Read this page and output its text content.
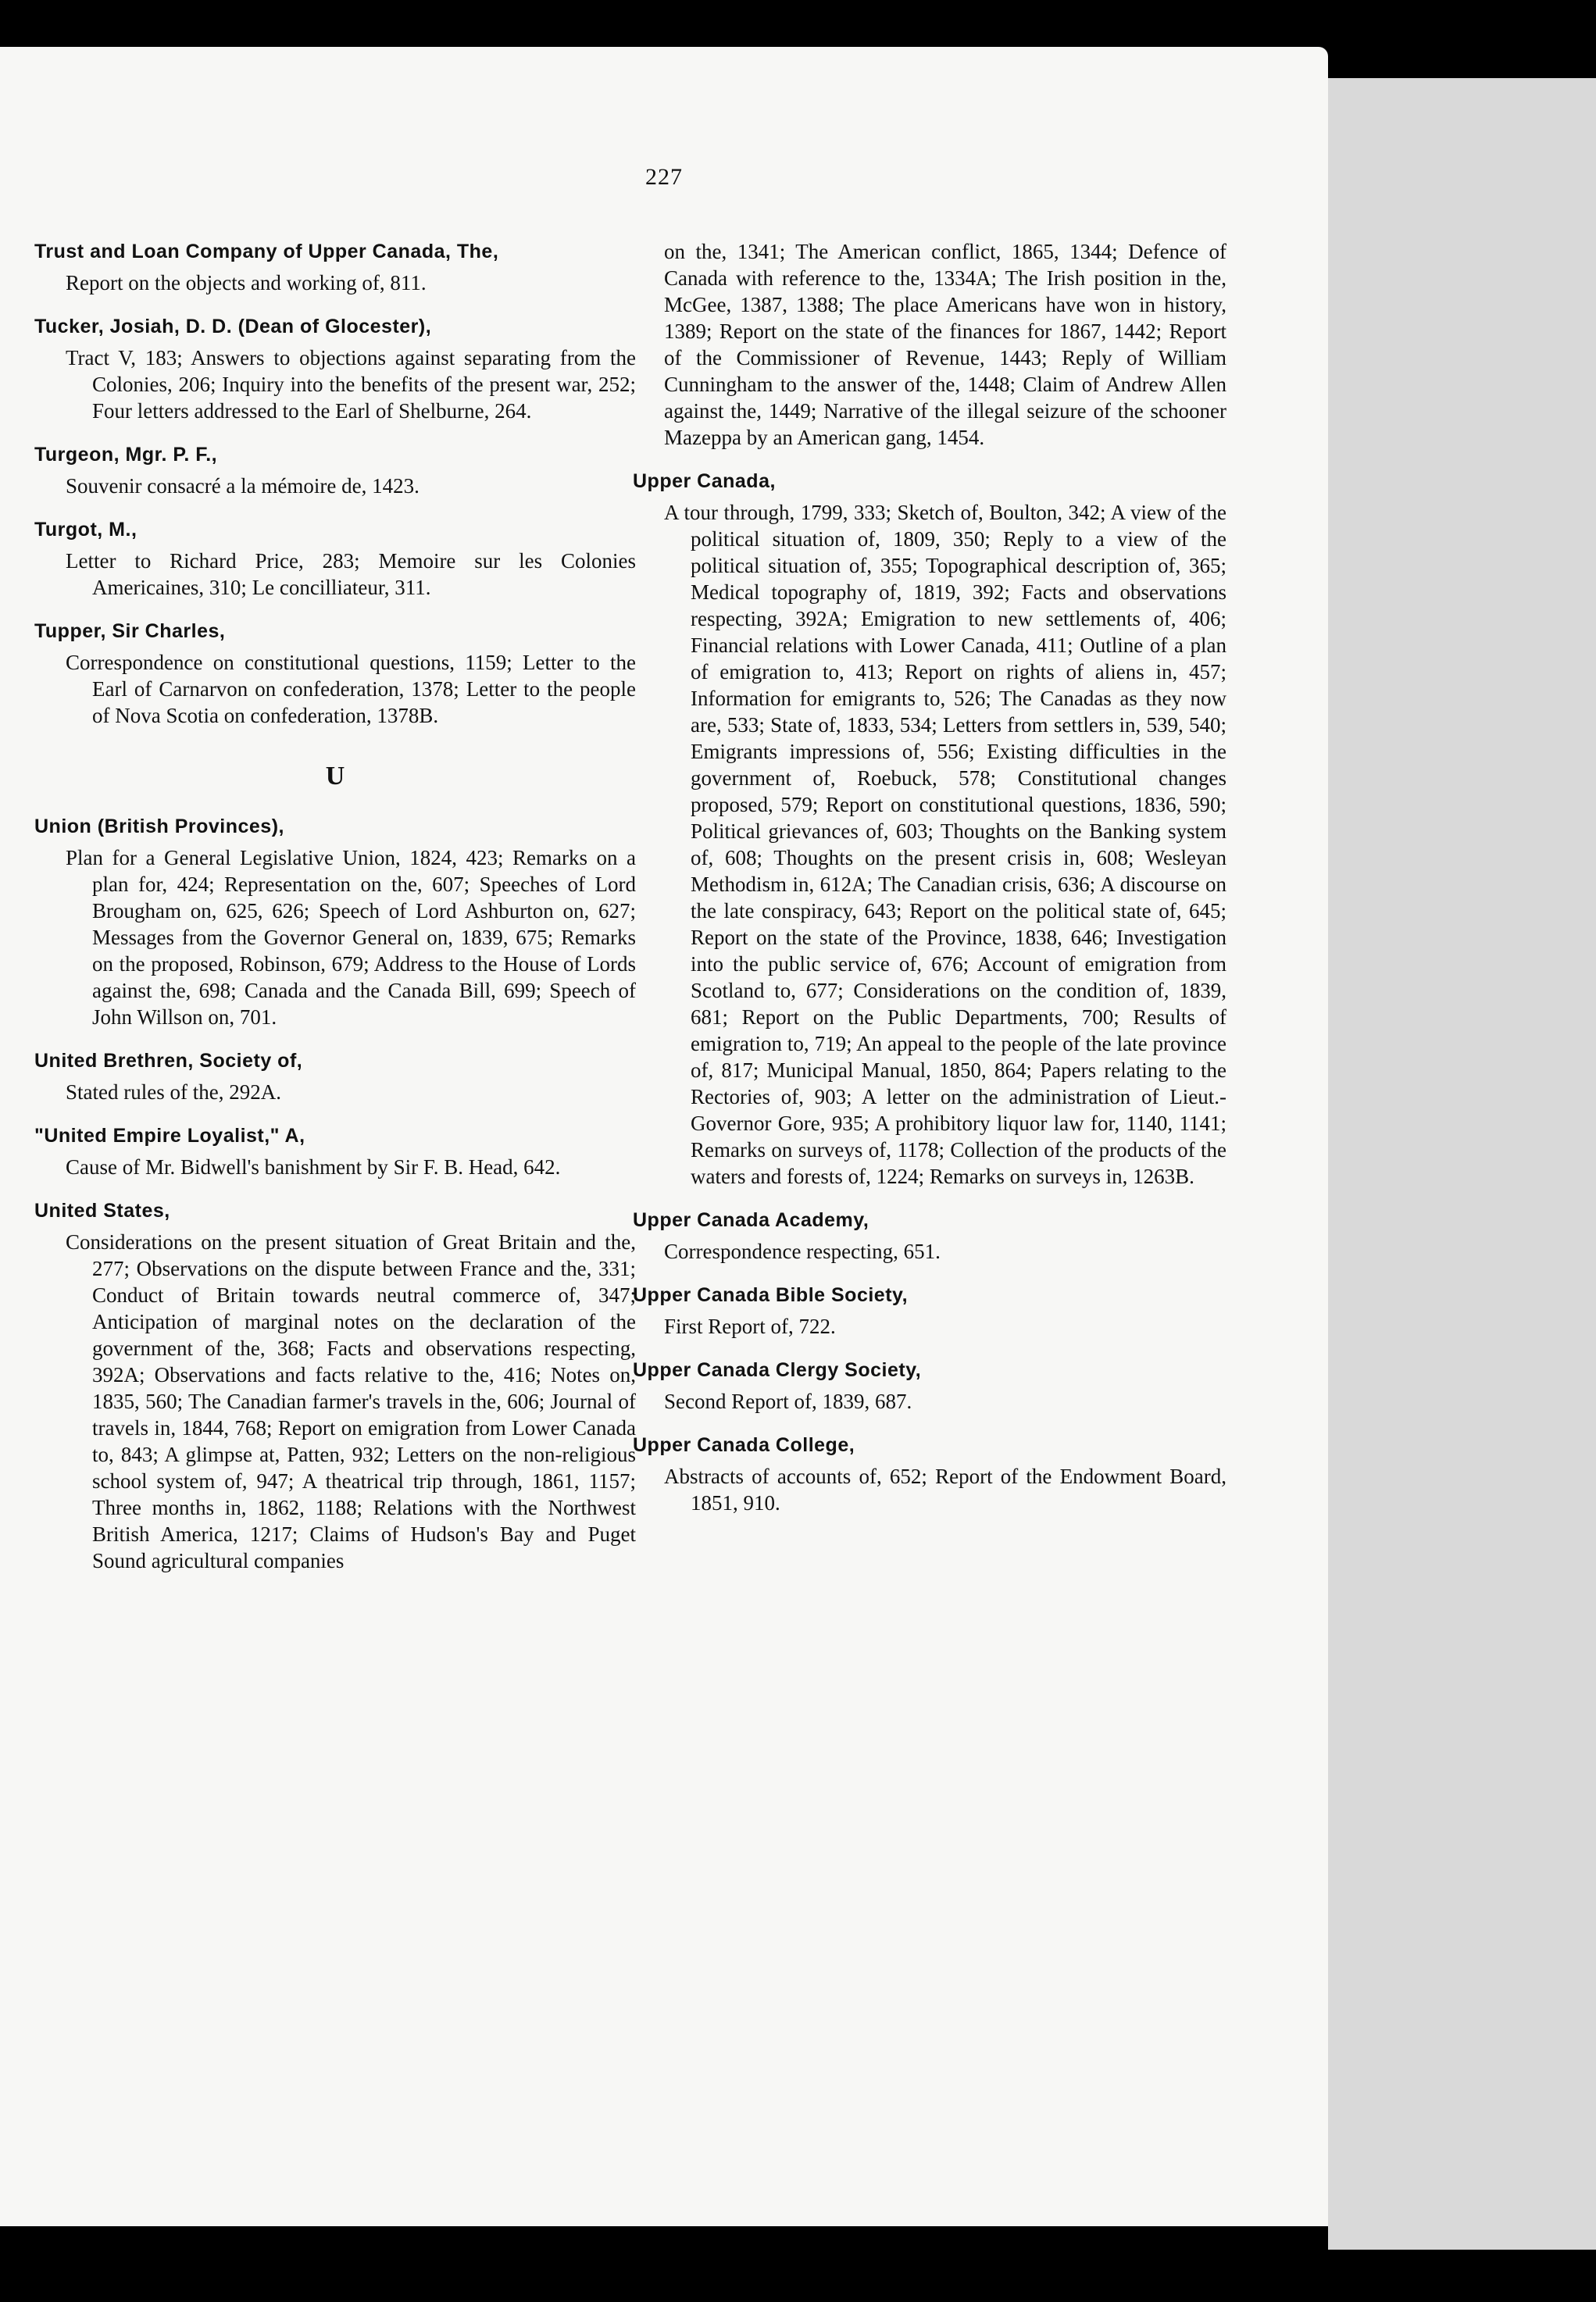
227
Trust and Loan Company of Upper Canada, The,
Report on the objects and working of, 811.
Tucker, Josiah, D. D. (Dean of Glocester),
Tract V, 183; Answers to objections against separating from the Colonies, 206; Inquiry into the benefits of the present war, 252; Four letters addressed to the Earl of Shelburne, 264.
Turgeon, Mgr. P. F.,
Souvenir consacré a la mémoire de, 1423.
Turgot, M.,
Letter to Richard Price, 283; Memoire sur les Colonies Americaines, 310; Le concilliateur, 311.
Tupper, Sir Charles,
Correspondence on constitutional questions, 1159; Letter to the Earl of Carnarvon on confederation, 1378; Letter to the people of Nova Scotia on confederation, 1378B.
U
Union (British Provinces),
Plan for a General Legislative Union, 1824, 423; Remarks on a plan for, 424; Representation on the, 607; Speeches of Lord Brougham on, 625, 626; Speech of Lord Ashburton on, 627; Messages from the Governor General on, 1839, 675; Remarks on the proposed, Robinson, 679; Address to the House of Lords against the, 698; Canada and the Canada Bill, 699; Speech of John Willson on, 701.
United Brethren, Society of,
Stated rules of the, 292A.
"United Empire Loyalist," A,
Cause of Mr. Bidwell's banishment by Sir F. B. Head, 642.
United States,
Considerations on the present situation of Great Britain and the, 277; Observations on the dispute between France and the, 331; Conduct of Britain towards neutral commerce of, 347; Anticipation of marginal notes on the declaration of the government of the, 368; Facts and observations respecting, 392A; Observations and facts relative to the, 416; Notes on, 1835, 560; The Canadian farmer's travels in the, 606; Journal of travels in, 1844, 768; Report on emigration from Lower Canada to, 843; A glimpse at, Patten, 932; Letters on the non-religious school system of, 947; A theatrical trip through, 1861, 1157; Three months in, 1862, 1188; Relations with the Northwest British America, 1217; Claims of Hudson's Bay and Puget Sound agricultural companies
on the, 1341; The American conflict, 1865, 1344; Defence of Canada with reference to the, 1334A; The Irish position in the, McGee, 1387, 1388; The place Americans have won in history, 1389; Report on the state of the finances for 1867, 1442; Report of the Commissioner of Revenue, 1443; Reply of William Cunningham to the answer of the, 1448; Claim of Andrew Allen against the, 1449; Narrative of the illegal seizure of the schooner Mazeppa by an American gang, 1454.
Upper Canada,
A tour through, 1799, 333; Sketch of, Boulton, 342; A view of the political situation of, 1809, 350; Reply to a view of the political situation of, 355; Topographical description of, 365; Medical topography of, 1819, 392; Facts and observations respecting, 392A; Emigration to new settlements of, 406; Financial relations with Lower Canada, 411; Outline of a plan of emigration to, 413; Report on rights of aliens in, 457; Information for emigrants to, 526; The Canadas as they now are, 533; State of, 1833, 534; Letters from settlers in, 539, 540; Emigrants impressions of, 556; Existing difficulties in the government of, Roebuck, 578; Constitutional changes proposed, 579; Report on constitutional questions, 1836, 590; Political grievances of, 603; Thoughts on the Banking system of, 608; Thoughts on the present crisis in, 608; Wesleyan Methodism in, 612A; The Canadian crisis, 636; A discourse on the late conspiracy, 643; Report on the political state of, 645; Report on the state of the Province, 1838, 646; Investigation into the public service of, 676; Account of emigration from Scotland to, 677; Considerations on the condition of, 1839, 681; Report on the Public Departments, 700; Results of emigration to, 719; An appeal to the people of the late province of, 817; Municipal Manual, 1850, 864; Papers relating to the Rectories of, 903; A letter on the administration of Lieut.-Governor Gore, 935; A prohibitory liquor law for, 1140, 1141; Remarks on surveys of, 1178; Collection of the products of the waters and forests of, 1224; Remarks on surveys in, 1263B.
Upper Canada Academy,
Correspondence respecting, 651.
Upper Canada Bible Society,
First Report of, 722.
Upper Canada Clergy Society,
Second Report of, 1839, 687.
Upper Canada College,
Abstracts of accounts of, 652; Report of the Endowment Board, 1851, 910.
